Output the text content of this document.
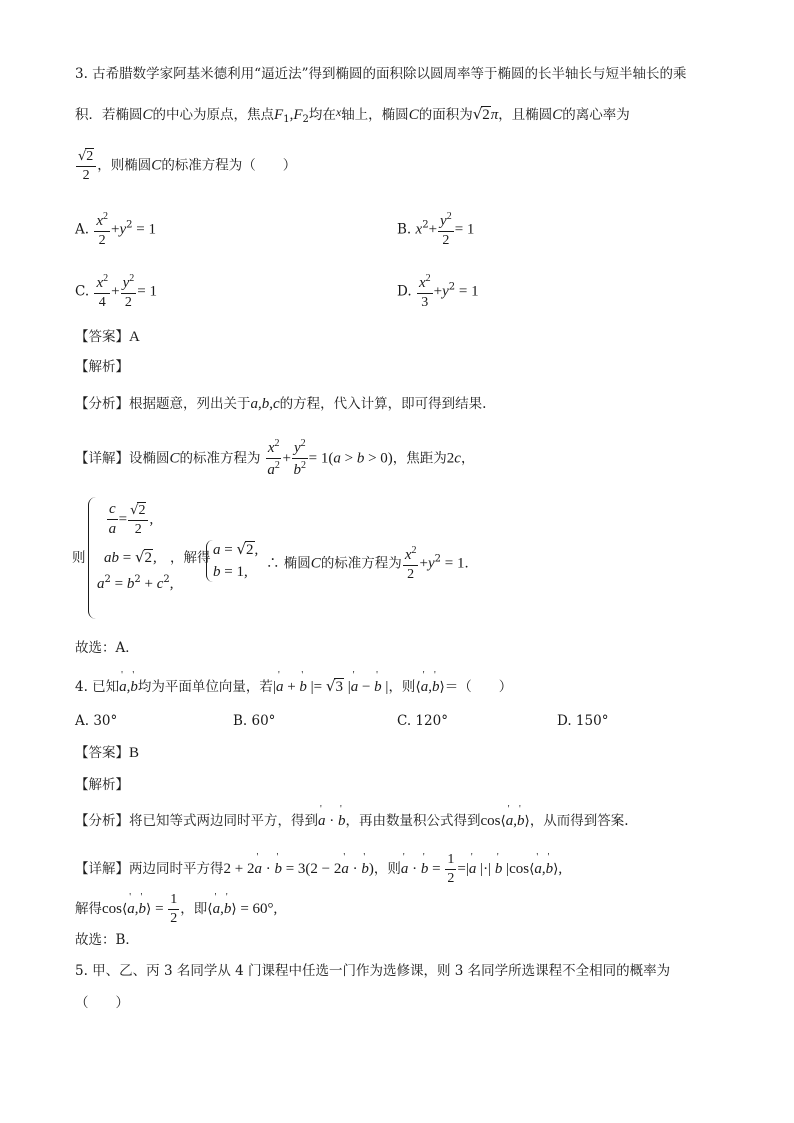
3. 古希腊数学家阿基米德利用“逼近法”得到椭圆的面积除以圆周率等于椭圆的长半轴长与短半轴长的乘
积．若椭圆C的中心为原点，焦点$F_1,F_2$均在x轴上，椭圆C的面积为√2π，且椭圆C的离心率为
$\frac{√2}{2}$ ，则椭圆C的标准方程为（　　）
A. $\frac{x^2}{2} +y^2 = 1$	B. $x^2+ \frac{y^2}{2} = 1$
C. $\frac{x^2}{4} + \frac{y^2}{2} = 1$	D. $\frac{x^2}{3} +y^2 = 1$
【答案】A
【解析】
【分析】根据题意，列出关于a,b,c的方程，代入计算，即可得到结果.
【详解】设椭圆C的标准方程为 $\frac{x^2}{a^2} + \frac{y^2}{b^2} = 1(a > b > 0)$，焦距为2c，
则
$\frac{c}{a} = \frac{√2}{2}$ ,
ab = √2,
$a^2 = b^2 + c^2$,
，解得 a = √2,
b = 1,
∴ 椭圆C的标准方程为 $\frac{x^2}{2} +y^2 = 1$．
故选：A．
4. 已知' a,' b均为平面单位向量，若|' a + ' b |= √3 |' a − ' b |，则⟨' a,' b⟩＝（　　）
A. 30°	B. 60°	C. 120°	D. 150°
【答案】B
【解析】
【分析】将已知等式两边同时平方，得到' a · ' b，再由数量积公式得到cos⟨' a,' b⟩，从而得到答案.
【详解】两边同时平方得2 + 2' a · ' b = 3(2 − 2' a · ' b)，则' a · ' $b = \frac{1}{2}$ =|' a |·| ' b |cos⟨' a,' b⟩,
解得cos⟨' a,' b⟩ = $\frac{1}{2}$ ，即⟨' a,' b⟩ = 60°,
故选：B．
5. 甲、乙、丙 3 名同学从 4 门课程中任选一门作为选修课，则 3 名同学所选课程不全相同的概率为
（　　）
